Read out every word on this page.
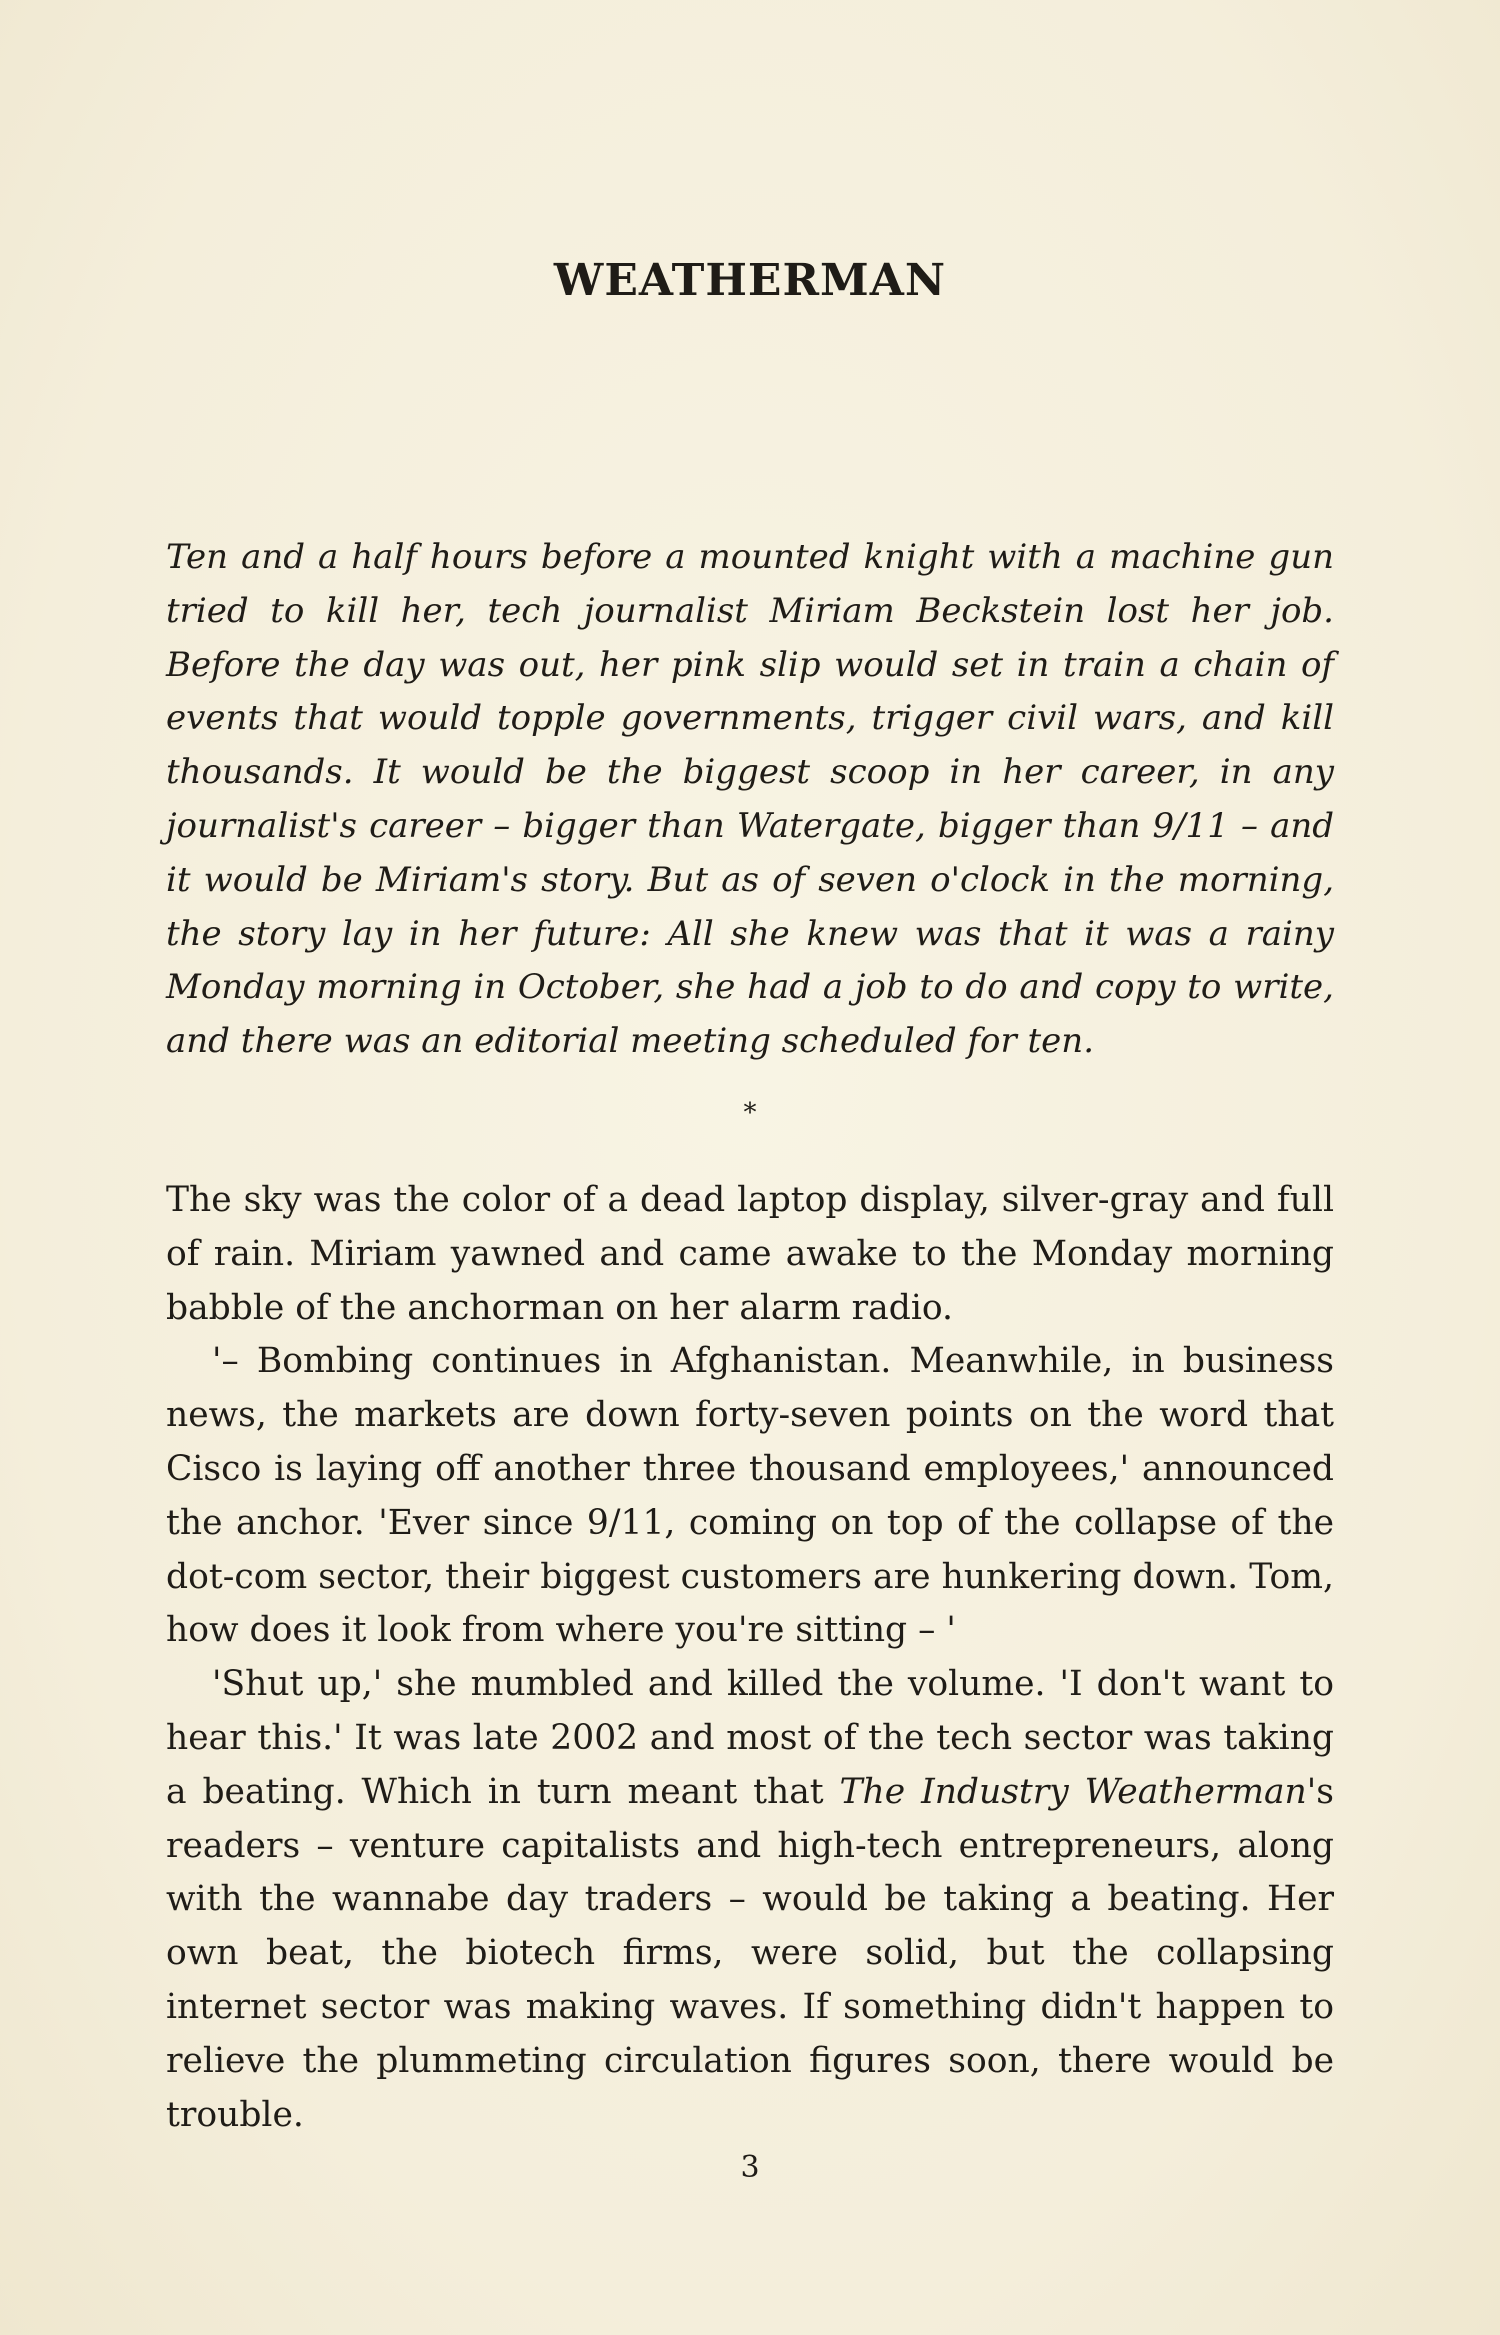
WEATHERMAN

Ten and a half hours before a mounted knight with a machine gun tried to kill her, tech journalist Miriam Beckstein lost her job. Before the day was out, her pink slip would set in train a chain of events that would topple governments, trigger civil wars, and kill thousands. It would be the biggest scoop in her career, in any journalist's career – bigger than Watergate, bigger than 9/11 – and it would be Miriam's story. But as of seven o'clock in the morning, the story lay in her future: All she knew was that it was a rainy Monday morning in October, she had a job to do and copy to write, and there was an editorial meeting scheduled for ten.

*

The sky was the color of a dead laptop display, silver-gray and full of rain. Miriam yawned and came awake to the Monday morning babble of the anchorman on her alarm radio.

'– Bombing continues in Afghanistan. Meanwhile, in business news, the markets are down forty-seven points on the word that Cisco is laying off another three thousand employees,' announced the anchor. 'Ever since 9/11, coming on top of the collapse of the dot-com sector, their biggest customers are hunkering down. Tom, how does it look from where you're sitting – '

'Shut up,' she mumbled and killed the volume. 'I don't want to hear this.' It was late 2002 and most of the tech sector was taking a beating. Which in turn meant that The Industry Weatherman's readers – venture capitalists and high-tech entrepreneurs, along with the wannabe day traders – would be taking a beating. Her own beat, the biotech firms, were solid, but the collapsing internet sector was making waves. If something didn't happen to relieve the plummeting circulation figures soon, there would be trouble.

3
